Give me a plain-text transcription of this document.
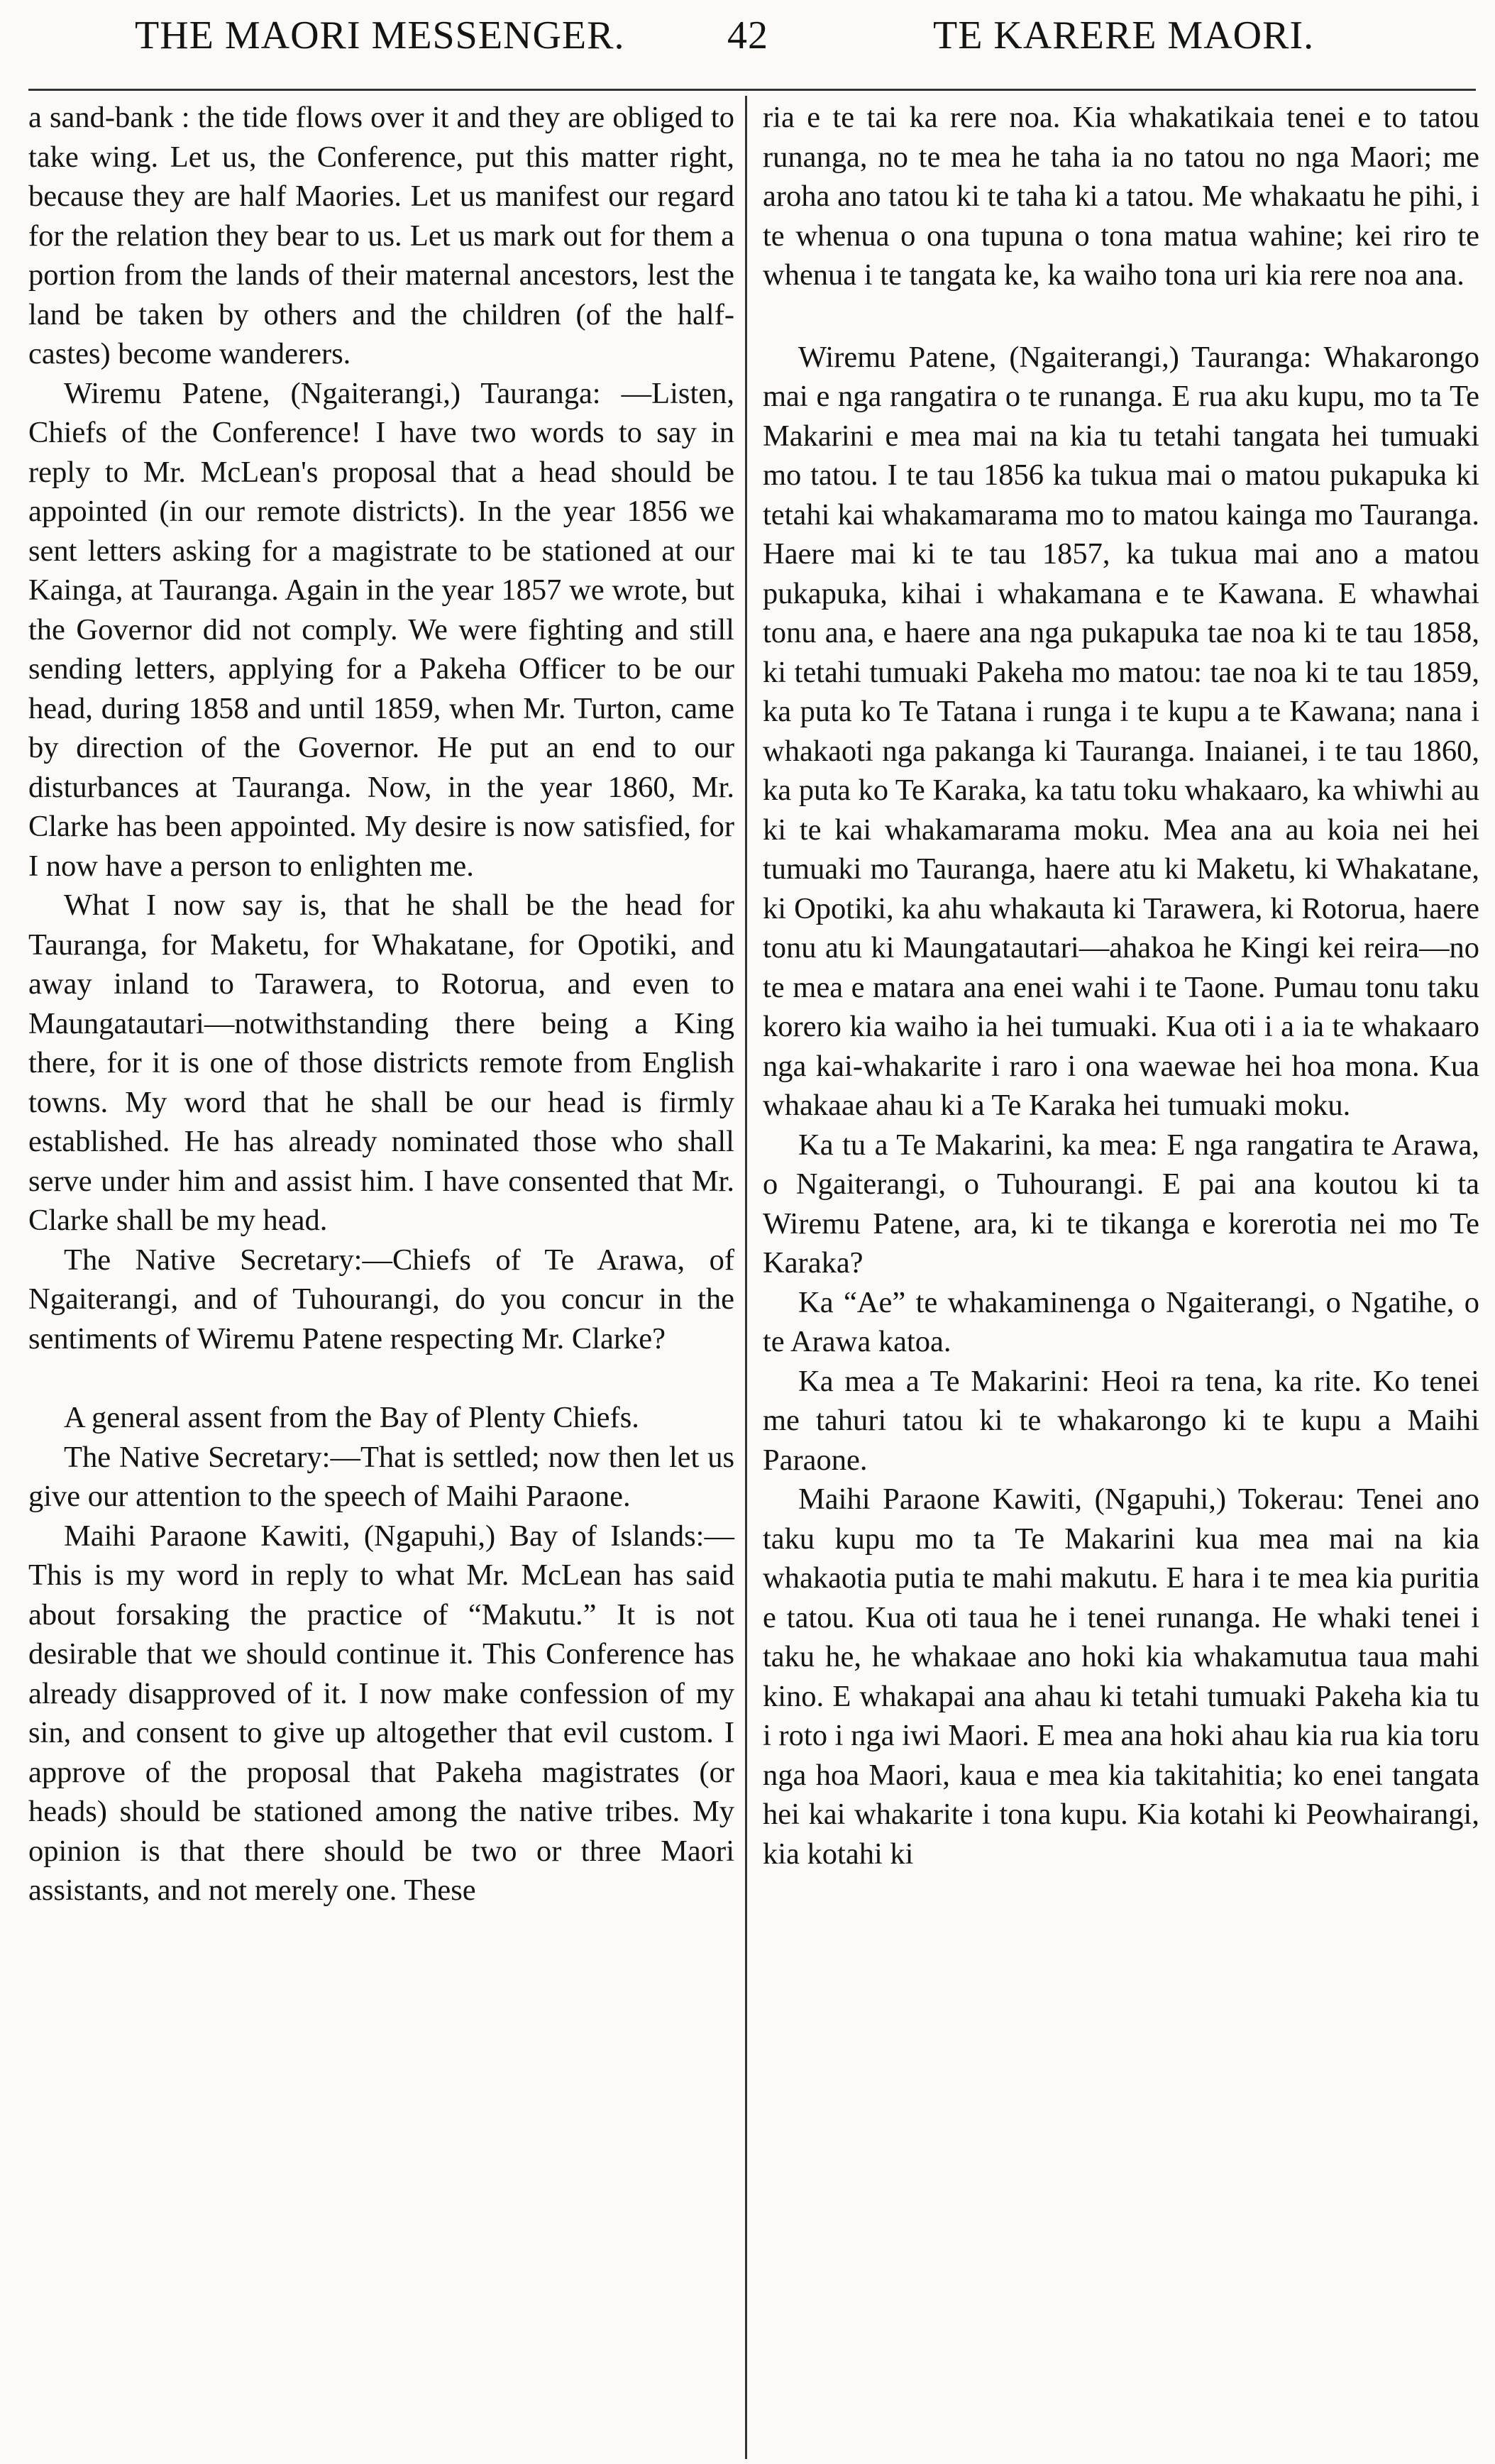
THE MAORI MESSENGER.	42	TE KARERE MAORI.

a sand-bank : the tide flows over it and they are obliged to take wing. Let us, the Conference, put this matter right, because they are half Maories. Let us manifest our regard for the relation they bear to us. Let us mark out for them a portion from the lands of their maternal ancestors, lest the land be taken by others and the children (of the half-castes) become wanderers.

Wiremu Patene, (Ngaiterangi,) Tauranga: —Listen, Chiefs of the Conference! I have two words to say in reply to Mr. McLean's proposal that a head should be appointed (in our remote districts). In the year 1856 we sent letters asking for a magistrate to be stationed at our Kainga, at Tauranga. Again in the year 1857 we wrote, but the Governor did not comply. We were fighting and still sending letters, applying for a Pakeha Officer to be our head, during 1858 and until 1859, when Mr. Turton, came by direction of the Governor. He put an end to our disturbances at Tauranga. Now, in the year 1860, Mr. Clarke has been appointed. My desire is now satisfied, for I now have a person to enlighten me.

What I now say is, that he shall be the head for Tauranga, for Maketu, for Whakatane, for Opotiki, and away inland to Tarawera, to Rotorua, and even to Maungatautari—notwithstanding there being a King there, for it is one of those districts remote from English towns. My word that he shall be our head is firmly established. He has already nominated those who shall serve under him and assist him. I have consented that Mr. Clarke shall be my head.

The Native Secretary:—Chiefs of Te Arawa, of Ngaiterangi, and of Tuhourangi, do you concur in the sentiments of Wiremu Patene respecting Mr. Clarke?

A general assent from the Bay of Plenty Chiefs.

The Native Secretary:—That is settled; now then let us give our attention to the speech of Maihi Paraone.

Maihi Paraone Kawiti, (Ngapuhi,) Bay of Islands:—This is my word in reply to what Mr. McLean has said about forsaking the practice of “Makutu.” It is not desirable that we should continue it. This Conference has already disapproved of it. I now make confession of my sin, and consent to give up altogether that evil custom. I approve of the proposal that Pakeha magistrates (or heads) should be stationed among the native tribes. My opinion is that there should be two or three Maori assistants, and not merely one. These

ria e te tai ka rere noa. Kia whakatikaia tenei e to tatou runanga, no te mea he taha ia no tatou no nga Maori; me aroha ano tatou ki te taha ki a tatou. Me whakaatu he pihi, i te whenua o ona tupuna o tona matua wahine; kei riro te whenua i te tangata ke, ka waiho tona uri kia rere noa ana.

Wiremu Patene, (Ngaiterangi,) Tauranga: Whakarongo mai e nga rangatira o te runanga. E rua aku kupu, mo ta Te Makarini e mea mai na kia tu tetahi tangata hei tumuaki mo tatou. I te tau 1856 ka tukua mai o matou pukapuka ki tetahi kai whakamarama mo to matou kainga mo Tauranga. Haere mai ki te tau 1857, ka tukua mai ano a matou pukapuka, kihai i whakamana e te Kawana. E whawhai tonu ana, e haere ana nga pukapuka tae noa ki te tau 1858, ki tetahi tumuaki Pakeha mo matou: tae noa ki te tau 1859, ka puta ko Te Tatana i runga i te kupu a te Kawana; nana i whakaoti nga pakanga ki Tauranga. Inaianei, i te tau 1860, ka puta ko Te Karaka, ka tatu toku whakaaro, ka whiwhi au ki te kai whakamarama moku. Mea ana au koia nei hei tumuaki mo Tauranga, haere atu ki Maketu, ki Whakatane, ki Opotiki, ka ahu whakauta ki Tarawera, ki Rotorua, haere tonu atu ki Maungatautari—ahakoa he Kingi kei reira—no te mea e matara ana enei wahi i te Taone. Pumau tonu taku korero kia waiho ia hei tumuaki. Kua oti i a ia te whakaaro nga kai-whakarite i raro i ona waewae hei hoa mona. Kua whakaae ahau ki a Te Karaka hei tumuaki moku.

Ka tu a Te Makarini, ka mea: E nga rangatira te Arawa, o Ngaiterangi, o Tuhourangi. E pai ana koutou ki ta Wiremu Patene, ara, ki te tikanga e korerotia nei mo Te Karaka?

Ka “Ae” te whakaminenga o Ngaiterangi, o Ngatihe, o te Arawa katoa.

Ka mea a Te Makarini: Heoi ra tena, ka rite. Ko tenei me tahuri tatou ki te whakarongo ki te kupu a Maihi Paraone.

Maihi Paraone Kawiti, (Ngapuhi,) Tokerau: Tenei ano taku kupu mo ta Te Makarini kua mea mai na kia whakaotia putia te mahi makutu. E hara i te mea kia puritia e tatou. Kua oti taua he i tenei runanga. He whaki tenei i taku he, he whakaae ano hoki kia whakamutua taua mahi kino. E whakapai ana ahau ki tetahi tumuaki Pakeha kia tu i roto i nga iwi Maori. E mea ana hoki ahau kia rua kia toru nga hoa Maori, kaua e mea kia takitahitia; ko enei tangata hei kai whakarite i tona kupu. Kia kotahi ki Peowhairangi, kia kotahi ki
